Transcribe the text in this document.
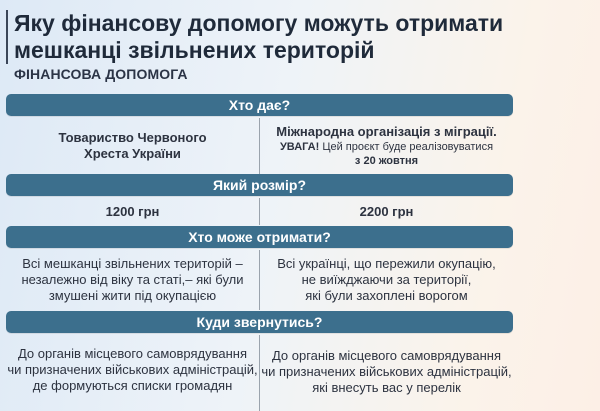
Яку фінансову допомогу можуть отримати
мешканці звільнених територій
ФІНАНСОВА ДОПОМОГА
Хто дає?
Товариство Червоного
Хреста України
Міжнародна організація з міграції.
УВАГА! Цей проєкт буде реалізовуватися
з 20 жовтня
Який розмір?
1200 грн	2200 грн
Хто може отримати?
Всі мешканці звільнених територій –
незалежно від віку та статі,– які були
змушені жити під окупацією
Всі українці, що пережили окупацію,
не виїжджаючи за території,
які були захоплені ворогом
Куди звернутись?
До органів місцевого самоврядування
чи призначених військових адміністрацій,
де формуються списки громадян
До органів місцевого самоврядування
чи призначених військових адміністрацій,
які внесуть вас у перелік
